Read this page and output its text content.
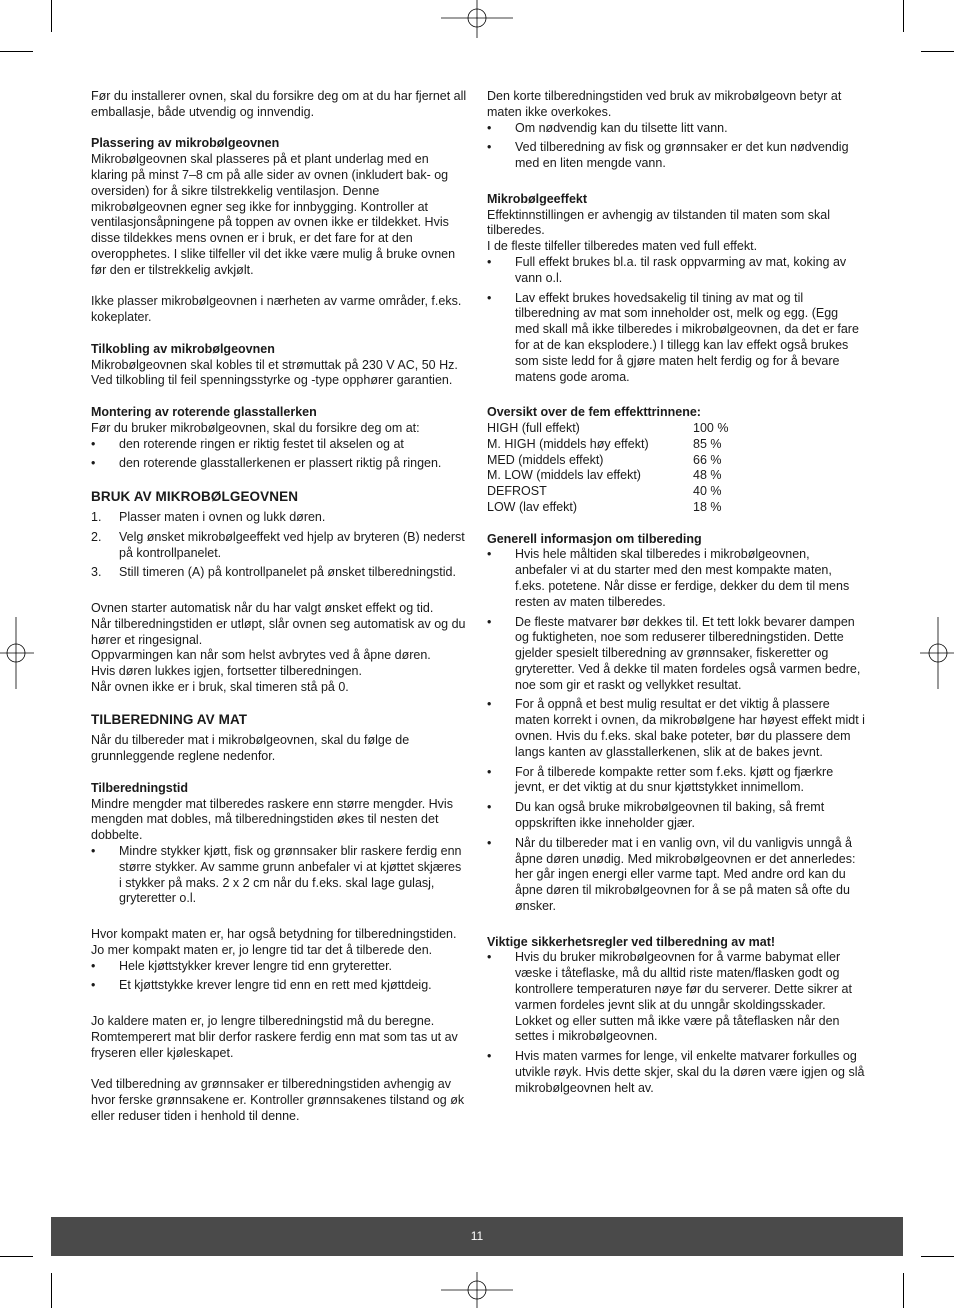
Før du installerer ovnen, skal du forsikre deg om at du har fjernet all emballasje, både utvendig og innvendig.

Plassering av mikrobølgeovnen

Mikrobølgeovnen skal plasseres på et plant underlag med en klaring på minst 7–8 cm på alle sider av ovnen (inkludert bak- og oversiden) for å sikre tilstrekkelig ventilasjon. Denne mikrobølgeovnen egner seg ikke for innbygging. Kontroller at ventilasjonsåpningene på toppen av ovnen ikke er tildekket. Hvis disse tildekkes mens ovnen er i bruk, er det fare for at den overopphetes. I slike tilfeller vil det ikke være mulig å bruke ovnen før den er tilstrekkelig avkjølt.

Ikke plasser mikrobølgeovnen i nærheten av varme områder, f.eks. kokeplater.

Tilkobling av mikrobølgeovnen

Mikrobølgeovnen skal kobles til et strømuttak på 230 V AC, 50 Hz. Ved tilkobling til feil spenningsstyrke og -type opphører garantien.

Montering av roterende glasstallerken

Før du bruker mikrobølgeovnen, skal du forsikre deg om at:

• den roterende ringen er riktig festet til akselen og at
• den roterende glasstallerkenen er plassert riktig på ringen.
BRUK AV MIKROBØLGEOVNEN
1. Plasser maten i ovnen og lukk døren.
2. Velg ønsket mikrobølgeeffekt ved hjelp av bryteren (B) nederst på kontrollpanelet.
3. Still timeren (A) på kontrollpanelet på ønsket tilberedningstid.

Ovnen starter automatisk når du har valgt ønsket effekt og tid.

Når tilberedningstiden er utløpt, slår ovnen seg automatisk av og du hører et ringesignal.

Oppvarmingen kan når som helst avbrytes ved å åpne døren.

Hvis døren lukkes igjen, fortsetter tilberedningen.

Når ovnen ikke er i bruk, skal timeren stå på 0.

TILBEREDNING AV MAT

Når du tilbereder mat i mikrobølgeovnen, skal du følge de grunnleggende reglene nedenfor.

Tilberedningstid

Mindre mengder mat tilberedes raskere enn større mengder. Hvis mengden mat dobles, må tilberedningstiden økes til nesten det dobbelte.

• Mindre stykker kjøtt, fisk og grønnsaker blir raskere ferdig enn større stykker. Av samme grunn anbefaler vi at kjøttet skjæres i stykker på maks. 2 x 2 cm når du f.eks. skal lage gulasj, gryteretter o.l.

Hvor kompakt maten er, har også betydning for tilberedningstiden. Jo mer kompakt maten er, jo lengre tid tar det å tilberede den.

• Hele kjøttstykker krever lengre tid enn gryteretter.
• Et kjøttstykke krever lengre tid enn en rett med kjøttdeig.

Jo kaldere maten er, jo lengre tilberedningstid må du beregne. Romtemperert mat blir derfor raskere ferdig enn mat som tas ut av fryseren eller kjøleskapet.

Ved tilberedning av grønnsaker er tilberedningstiden avhengig av hvor ferske grønnsakene er. Kontroller grønnsakenes tilstand og øk eller reduser tiden i henhold til denne.

Den korte tilberedningstiden ved bruk av mikrobølgeovn betyr at maten ikke overkokes.

• Om nødvendig kan du tilsette litt vann.
• Ved tilberedning av fisk og grønnsaker er det kun nødvendig med en liten mengde vann.
Mikrobølgeeffekt

Effektinnstillingen er avhengig av tilstanden til maten som skal tilberedes.

I de fleste tilfeller tilberedes maten ved full effekt.

• Full effekt brukes bl.a. til rask oppvarming av mat, koking av vann o.l.
• Lav effekt brukes hovedsakelig til tining av mat og til tilberedning av mat som inneholder ost, melk og egg. (Egg med skall må ikke tilberedes i mikrobølgeovnen, da det er fare for at de kan eksplodere.) I tillegg kan lav effekt også brukes som siste ledd for å gjøre maten helt ferdig og for å bevare matens gode aroma.
Oversikt over de fem effekttrinnene:
HIGH (full effekt)	100 %
M. HIGH (middels høy effekt)	85 %
MED (middels effekt)	66 %
M. LOW (middels lav effekt)	48 %
DEFROST	40 %
LOW (lav effekt)	18 %
Generell informasjon om tilbereding
• Hvis hele måltiden skal tilberedes i mikrobølgeovnen, anbefaler vi at du starter med den mest kompakte maten, f.eks. potetene. Når disse er ferdige, dekker du dem til mens resten av maten tilberedes.
• De fleste matvarer bør dekkes til. Et tett lokk bevarer dampen og fuktigheten, noe som reduserer tilberedningstiden. Dette gjelder spesielt tilberedning av grønnsaker, fiskeretter og gryteretter. Ved å dekke til maten fordeles også varmen bedre, noe som gir et raskt og vellykket resultat.
• For å oppnå et best mulig resultat er det viktig å plassere maten korrekt i ovnen, da mikrobølgene har høyest effekt midt i ovnen. Hvis du f.eks. skal bake poteter, bør du plassere dem langs kanten av glasstallerkenen, slik at de bakes jevnt.
• For å tilberede kompakte retter som f.eks. kjøtt og fjærkre jevnt, er det viktig at du snur kjøttstykket innimellom.
• Du kan også bruke mikrobølgeovnen til baking, så fremt oppskriften ikke inneholder gjær.
• Når du tilbereder mat i en vanlig ovn, vil du vanligvis unngå å åpne døren unødig. Med mikrobølgeovnen er det annerledes: her går ingen energi eller varme tapt. Med andre ord kan du åpne døren til mikrobølgeovnen for å se på maten så ofte du ønsker.
Viktige sikkerhetsregler ved tilberedning av mat!
• Hvis du bruker mikrobølgeovnen for å varme babymat eller væske i tåteflaske, må du alltid riste maten/flasken godt og kontrollere temperaturen nøye før du serverer. Dette sikrer at varmen fordeles jevnt slik at du unngår skoldingsskader. Lokket og eller sutten må ikke være på tåteflasken når den settes i mikrobølgeovnen.
• Hvis maten varmes for lenge, vil enkelte matvarer forkulles og utvikle røyk. Hvis dette skjer, skal du la døren være igjen og slå mikrobølgeovnen helt av.
11
